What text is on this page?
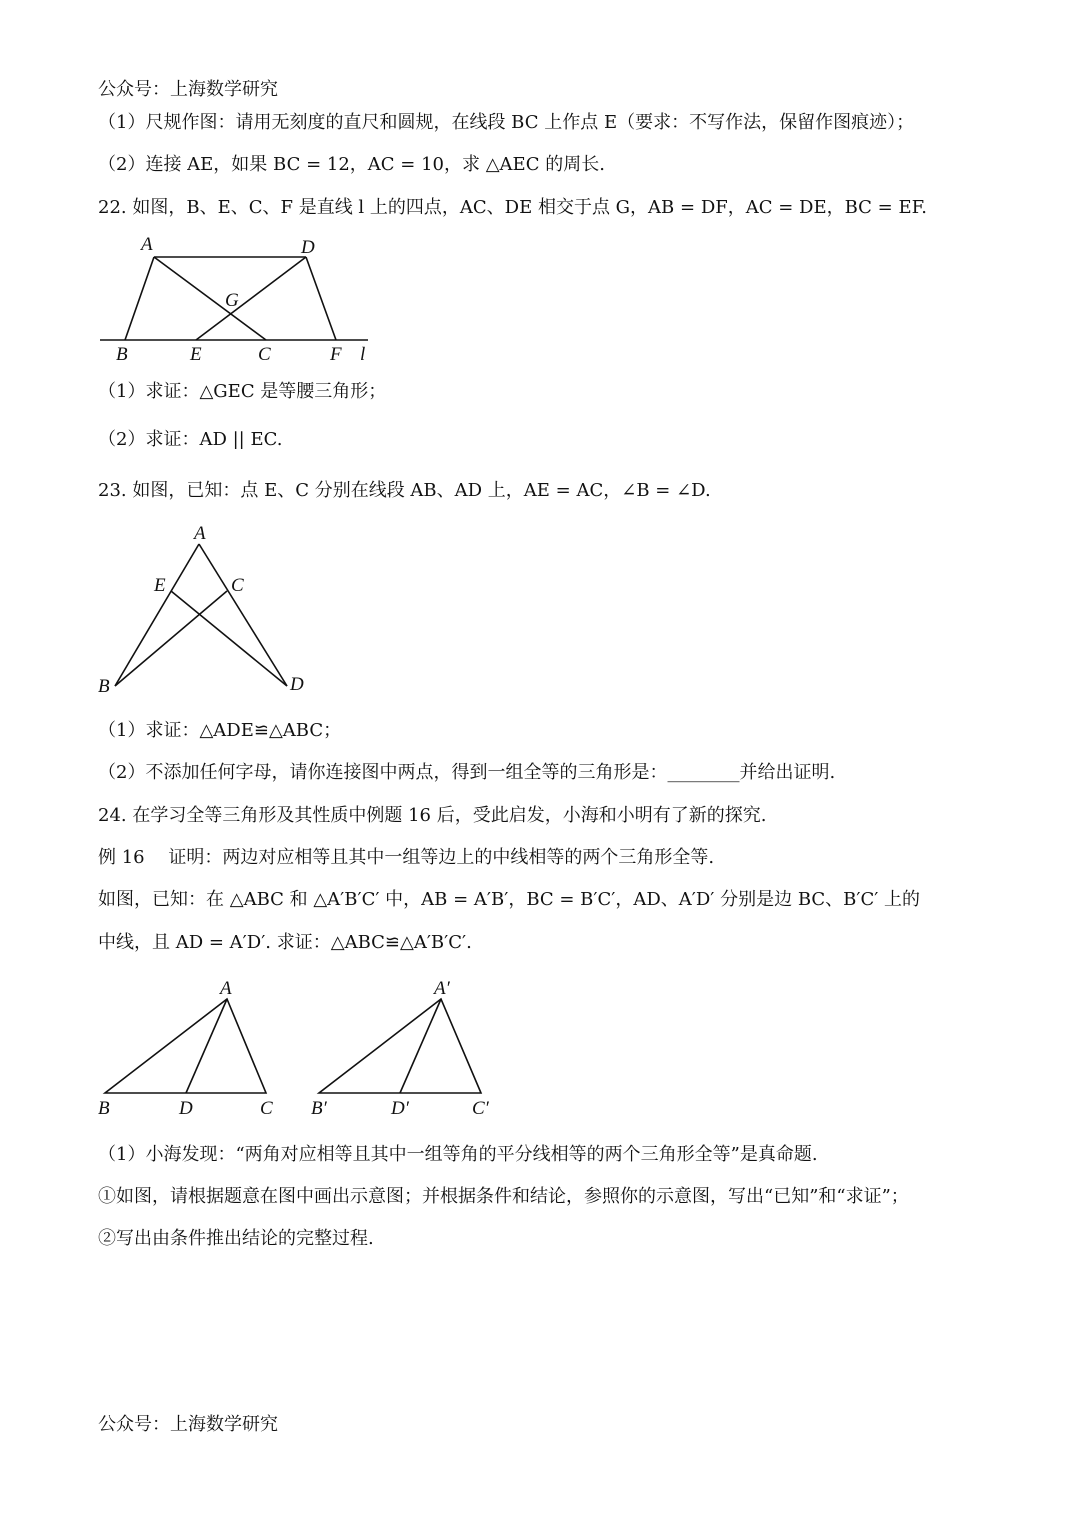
公众号：上海数学研究
（1）尺规作图：请用无刻度的直尺和圆规，在线段 BC 上作点 E（要求：不写作法，保留作图痕迹）；
（2）连接 AE，如果 BC = 12，AC = 10，求 △AEC 的周长.
22. 如图，B、E、C、F 是直线 l 上的四点，AC、DE 相交于点 G，AB = DF，AC = DE，BC = EF.
A	D
G
B	E	C	F l
（1）求证：△GEC 是等腰三角形；
（2）求证：AD || EC.
23. 如图，已知：点 E、C 分别在线段 AB、AD 上，AE = AC，∠B = ∠D.
A
E	C
B	D
（1）求证：△ADE≌△ABC；
（2）不添加任何字母，请你连接图中两点，得到一组全等的三角形是：________并给出证明.
24. 在学习全等三角形及其性质中例题 16 后，受此启发，小海和小明有了新的探究.
例 16　 证明：两边对应相等且其中一组等边上的中线相等的两个三角形全等.
如图，已知：在 △ABC 和 △A′B′C′ 中，AB = A′B′，BC = B′C′，AD、A′D′ 分别是边 BC、B′C′ 上的
中线，且 AD = A′D′. 求证：△ABC≌△A′B′C′.
A
B	D	C
A′
B′	D′	C′
（1）小海发现：“两角对应相等且其中一组等角的平分线相等的两个三角形全等”是真命题.
①如图，请根据题意在图中画出示意图；并根据条件和结论，参照你的示意图，写出“已知”和“求证”；
②写出由条件推出结论的完整过程.
公众号：上海数学研究
